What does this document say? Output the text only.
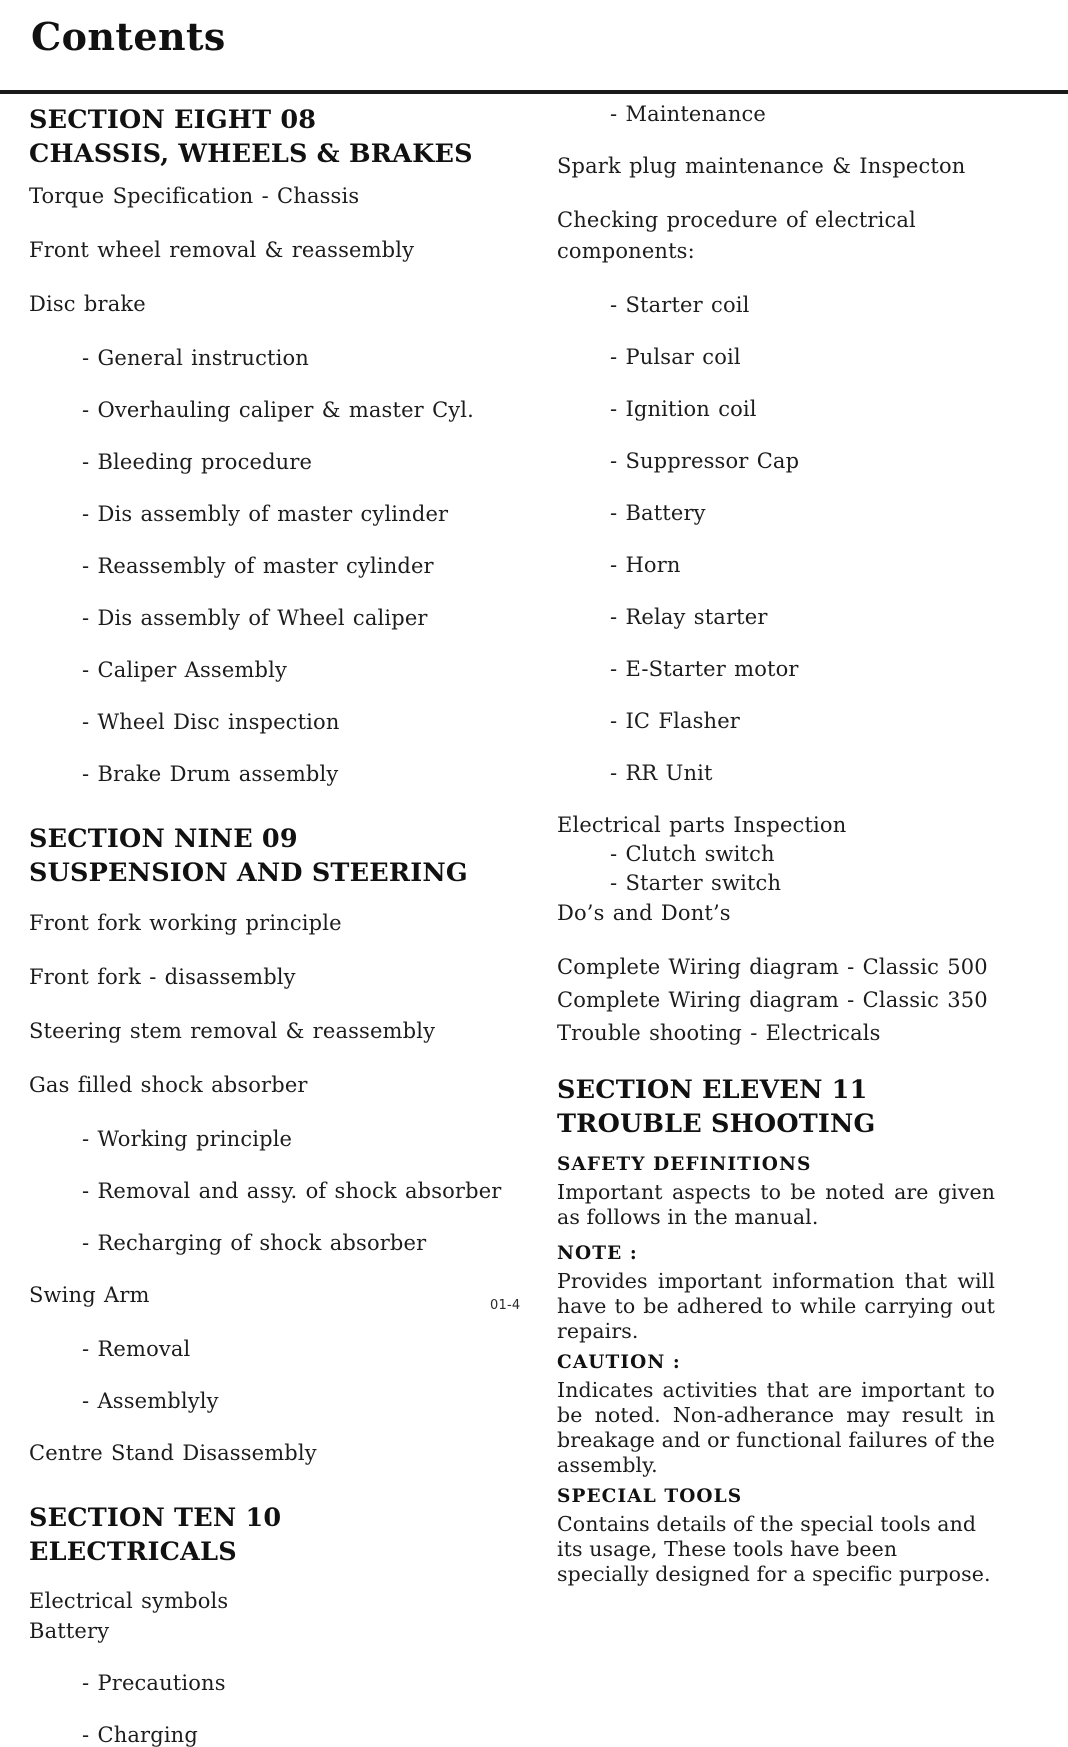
Contents
SECTION EIGHT 08
CHASSIS, WHEELS & BRAKES
Torque Specification - Chassis
Front wheel removal & reassembly
Disc brake
- General instruction
- Overhauling caliper & master Cyl.
- Bleeding procedure
- Dis assembly of master cylinder
- Reassembly of master cylinder
- Dis assembly of Wheel caliper
- Caliper Assembly
- Wheel Disc inspection
- Brake Drum assembly
SECTION NINE 09
SUSPENSION AND STEERING
Front fork working principle
Front fork - disassembly
Steering stem removal & reassembly
Gas filled shock absorber
- Working principle
- Removal and assy. of shock absorber
- Recharging of shock absorber
Swing Arm
- Removal
- Assemblyly
Centre Stand Disassembly
SECTION TEN 10
ELECTRICALS
Electrical symbols
Battery
- Precautions
- Charging
- Maintenance
Spark plug maintenance & Inspecton
Checking procedure of electrical
components:
- Starter coil
- Pulsar coil
- Ignition coil
- Suppressor Cap
- Battery
- Horn
- Relay starter
- E-Starter motor
- IC Flasher
- RR Unit
Electrical parts Inspection
- Clutch switch
- Starter switch
Do’s and Dont’s
Complete Wiring diagram - Classic 500
Complete Wiring diagram - Classic 350
Trouble shooting - Electricals
SECTION ELEVEN 11
TROUBLE SHOOTING
SAFETY DEFINITIONS
Important aspects to be noted are given as follows in the manual.
NOTE :
Provides important information that will have to be adhered to while carrying out repairs.
CAUTION :
Indicates activities that are important to be noted. Non-adherance may result in breakage and or functional failures of the assembly.
SPECIAL TOOLS
Contains details of the special tools and its usage, These tools have been specially designed for a specific purpose.
01-4
